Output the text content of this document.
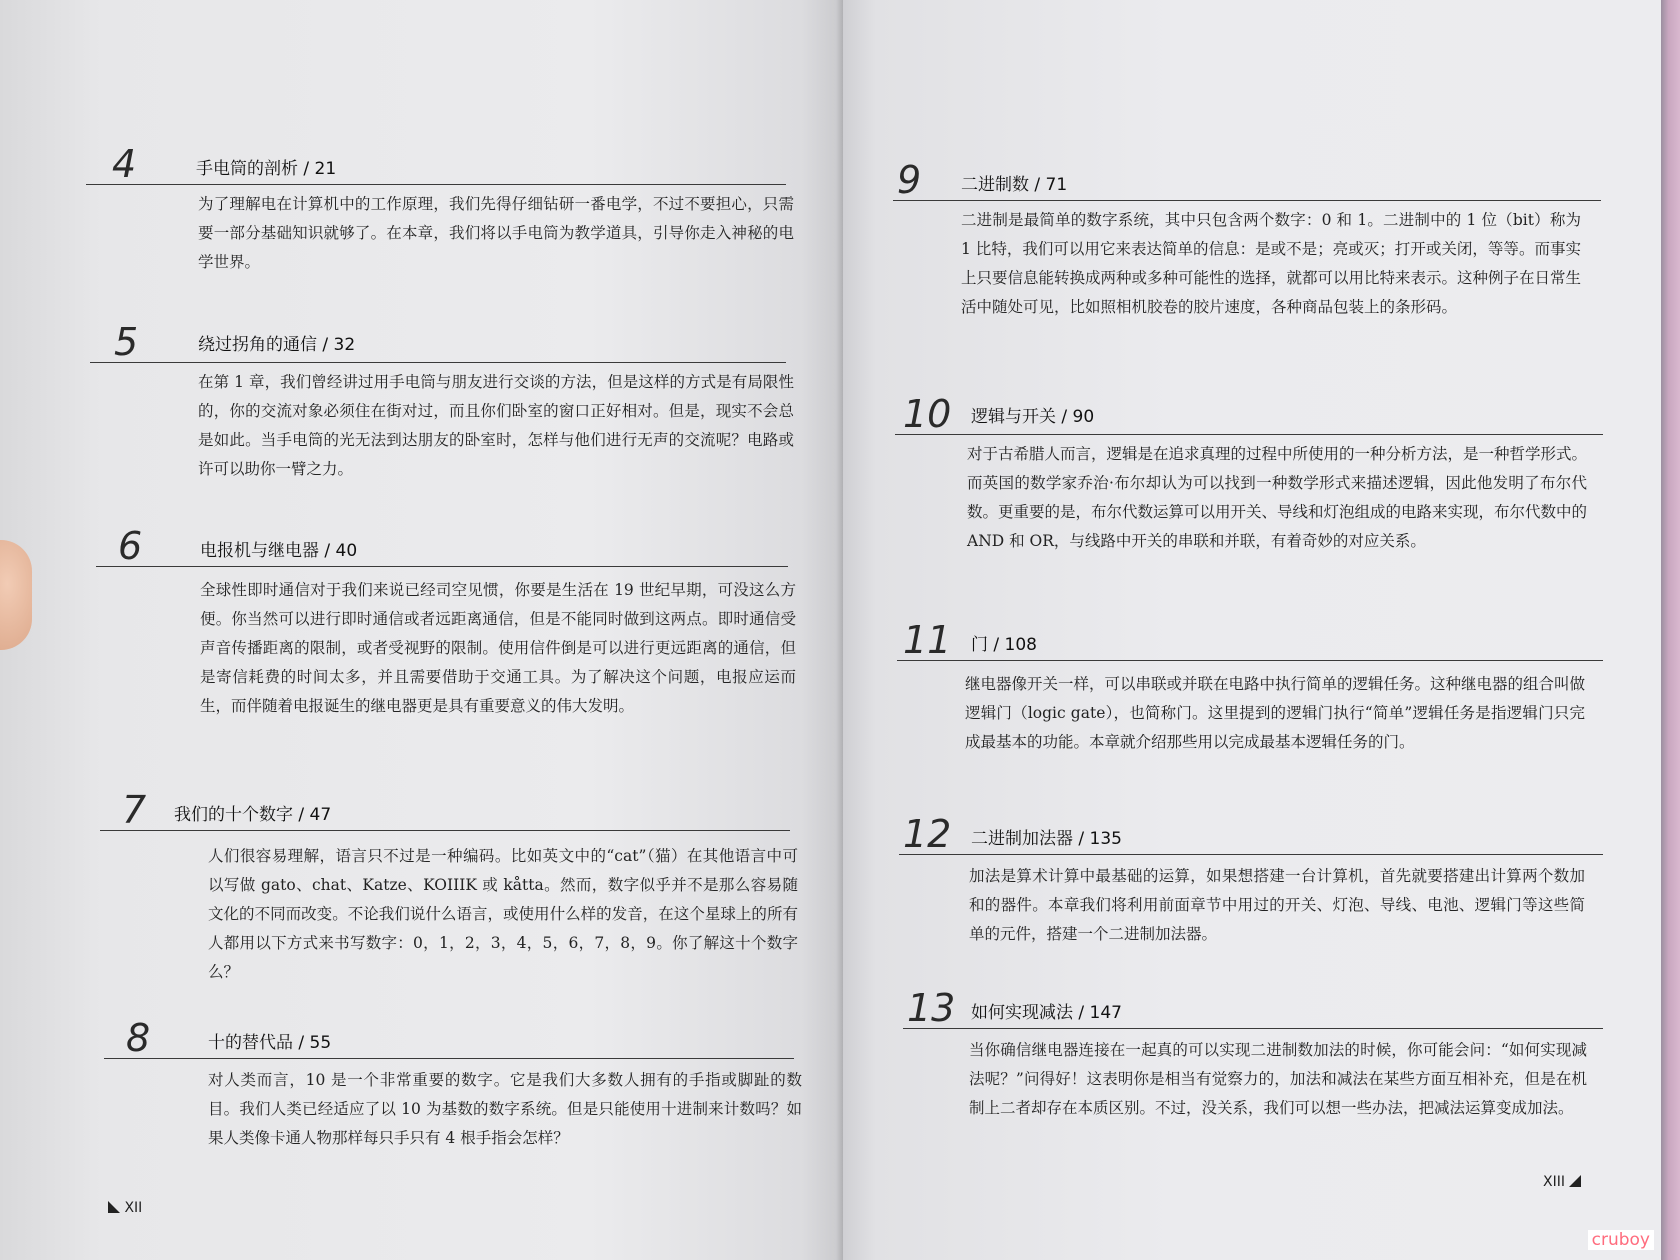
4	手电筒的剖析 / 21
为了理解电在计算机中的工作原理，我们先得仔细钻研一番电学，不过不要担心，只需要一部分基础知识就够了。在本章，我们将以手电筒为教学道具，引导你走入神秘的电学世界。
5	绕过拐角的通信 / 32
在第 1 章，我们曾经讲过用手电筒与朋友进行交谈的方法，但是这样的方式是有局限性的，你的交流对象必须住在街对过，而且你们卧室的窗口正好相对。但是，现实不会总是如此。当手电筒的光无法到达朋友的卧室时，怎样与他们进行无声的交流呢？电路或许可以助你一臂之力。
6	电报机与继电器 / 40
全球性即时通信对于我们来说已经司空见惯，你要是生活在 19 世纪早期，可没这么方便。你当然可以进行即时通信或者远距离通信，但是不能同时做到这两点。即时通信受声音传播距离的限制，或者受视野的限制。使用信件倒是可以进行更远距离的通信，但是寄信耗费的时间太多，并且需要借助于交通工具。为了解决这个问题，电报应运而生，而伴随着电报诞生的继电器更是具有重要意义的伟大发明。
7 我们的十个数字 / 47
人们很容易理解，语言只不过是一种编码。比如英文中的“cat”（猫）在其他语言中可以写做 gato、chat、Katze、KOIIIK 或 kåtta。然而，数字似乎并不是那么容易随文化的不同而改变。不论我们说什么语言，或使用什么样的发音，在这个星球上的所有人都用以下方式来书写数字：0，1，2，3，4，5，6，7，8，9。你了解这十个数字么？
8	十的替代品 / 55
对人类而言，10 是一个非常重要的数字。它是我们大多数人拥有的手指或脚趾的数目。我们人类已经适应了以 10 为基数的数字系统。但是只能使用十进制来计数吗？如果人类像卡通人物那样每只手只有 4 根手指会怎样？
XII
9 二进制数 / 71
二进制是最简单的数字系统，其中只包含两个数字：0 和 1。二进制中的 1 位（bit）称为 1 比特，我们可以用它来表达简单的信息：是或不是；亮或灭；打开或关闭，等等。而事实上只要信息能转换成两种或多种可能性的选择，就都可以用比特来表示。这种例子在日常生活中随处可见，比如照相机胶卷的胶片速度，各种商品包装上的条形码。
10 逻辑与开关 / 90
对于古希腊人而言，逻辑是在追求真理的过程中所使用的一种分析方法，是一种哲学形式。而英国的数学家乔治·布尔却认为可以找到一种数学形式来描述逻辑，因此他发明了布尔代数。更重要的是，布尔代数运算可以用开关、导线和灯泡组成的电路来实现，布尔代数中的 AND 和 OR，与线路中开关的串联和并联，有着奇妙的对应关系。
11 门 / 108
继电器像开关一样，可以串联或并联在电路中执行简单的逻辑任务。这种继电器的组合叫做逻辑门（logic gate），也简称门。这里提到的逻辑门执行“简单”逻辑任务是指逻辑门只完成最基本的功能。本章就介绍那些用以完成最基本逻辑任务的门。
12 二进制加法器 / 135
加法是算术计算中最基础的运算，如果想搭建一台计算机，首先就要搭建出计算两个数加和的器件。本章我们将利用前面章节中用过的开关、灯泡、导线、电池、逻辑门等这些简单的元件，搭建一个二进制加法器。
13 如何实现减法 / 147
当你确信继电器连接在一起真的可以实现二进制数加法的时候，你可能会问：“如何实现减法呢？”问得好！这表明你是相当有觉察力的，加法和减法在某些方面互相补充，但是在机制上二者却存在本质区别。不过，没关系，我们可以想一些办法，把减法运算变成加法。
XIII
cruboy
